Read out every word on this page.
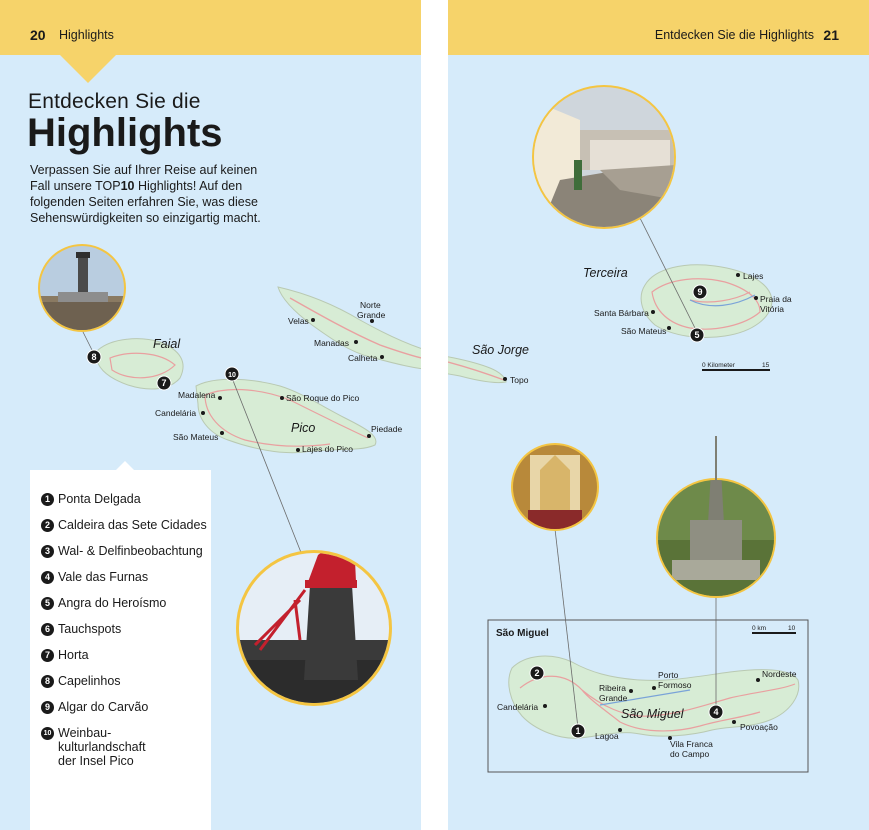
20 Highlights	Entdecken Sie die Highlights 21
Entdecken Sie die
Highlights

Verpassen Sie auf Ihrer Reise auf keinen Fall unsere TOP10 Highlights! Auf den folgenden Seiten erfahren Sie, was diese Sehenswürdigkeiten so einzigartig macht.

Velas
Norte
Grande
Manadas
Calheta
Topo
Madalena
Candelária
São Mateus
São Roque do Pico
Piedade
Lajes do Pico
Lajes
Praia da
Vitória
Santa Bárbara
São Mateus
Porto
Formoso
Ribeira
Grande
Nordeste
Candelária
Lagoa
Povoação
Vila Franca
do Campo
Faial
Pico
São Jorge
Terceira
São Miguel
São Miguel
0 Kilometer	15
0 km	10
8
7
10
9
5
2
1
4
1 Ponta Delgada
2 Caldeira das Sete Cidades
3 Wal- & Delfinbeobachtung
4 Vale das Furnas
5 Angra do Heroísmo
6 Tauchspots
7 Horta
8 Capelinhos
9 Algar do Carvão
10 Weinbau-kulturlandschaft der Insel Pico
